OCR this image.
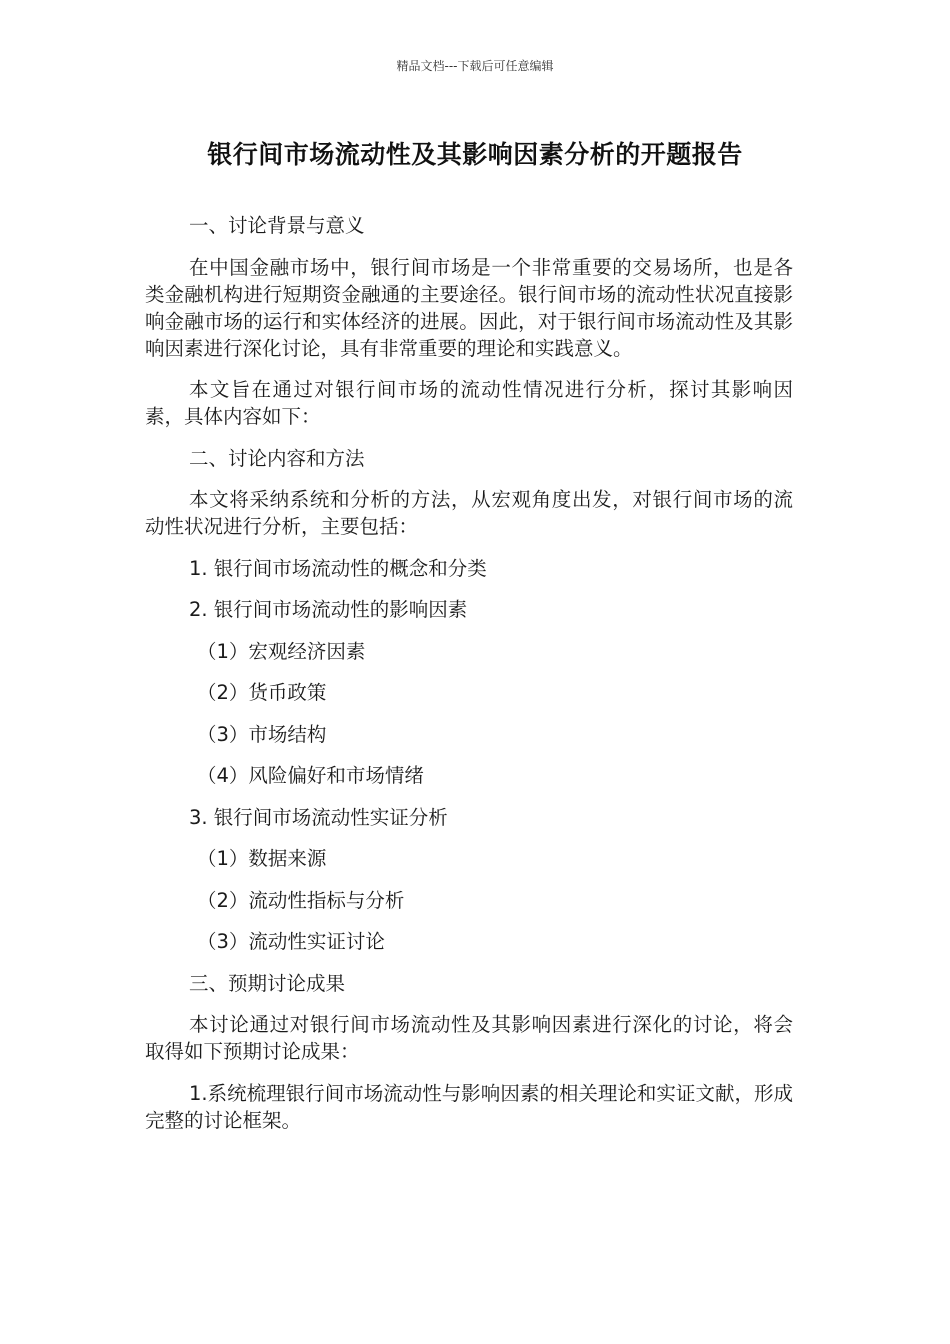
精品文档---下载后可任意编辑
银行间市场流动性及其影响因素分析的开题报告

一、讨论背景与意义

在中国金融市场中，银行间市场是一个非常重要的交易场所，也是各类金融机构进行短期资金融通的主要途径。银行间市场的流动性状况直接影响金融市场的运行和实体经济的进展。因此，对于银行间市场流动性及其影响因素进行深化讨论，具有非常重要的理论和实践意义。

本文旨在通过对银行间市场的流动性情况进行分析，探讨其影响因素，具体内容如下：

二、讨论内容和方法

本文将采纳系统和分析的方法，从宏观角度出发，对银行间市场的流动性状况进行分析，主要包括：

1. 银行间市场流动性的概念和分类

2. 银行间市场流动性的影响因素

（1）宏观经济因素

（2）货币政策

（3）市场结构

（4）风险偏好和市场情绪

3. 银行间市场流动性实证分析

（1）数据来源

（2）流动性指标与分析

（3）流动性实证讨论

三、预期讨论成果

本讨论通过对银行间市场流动性及其影响因素进行深化的讨论，将会取得如下预期讨论成果：

1.系统梳理银行间市场流动性与影响因素的相关理论和实证文献，形成完整的讨论框架。
